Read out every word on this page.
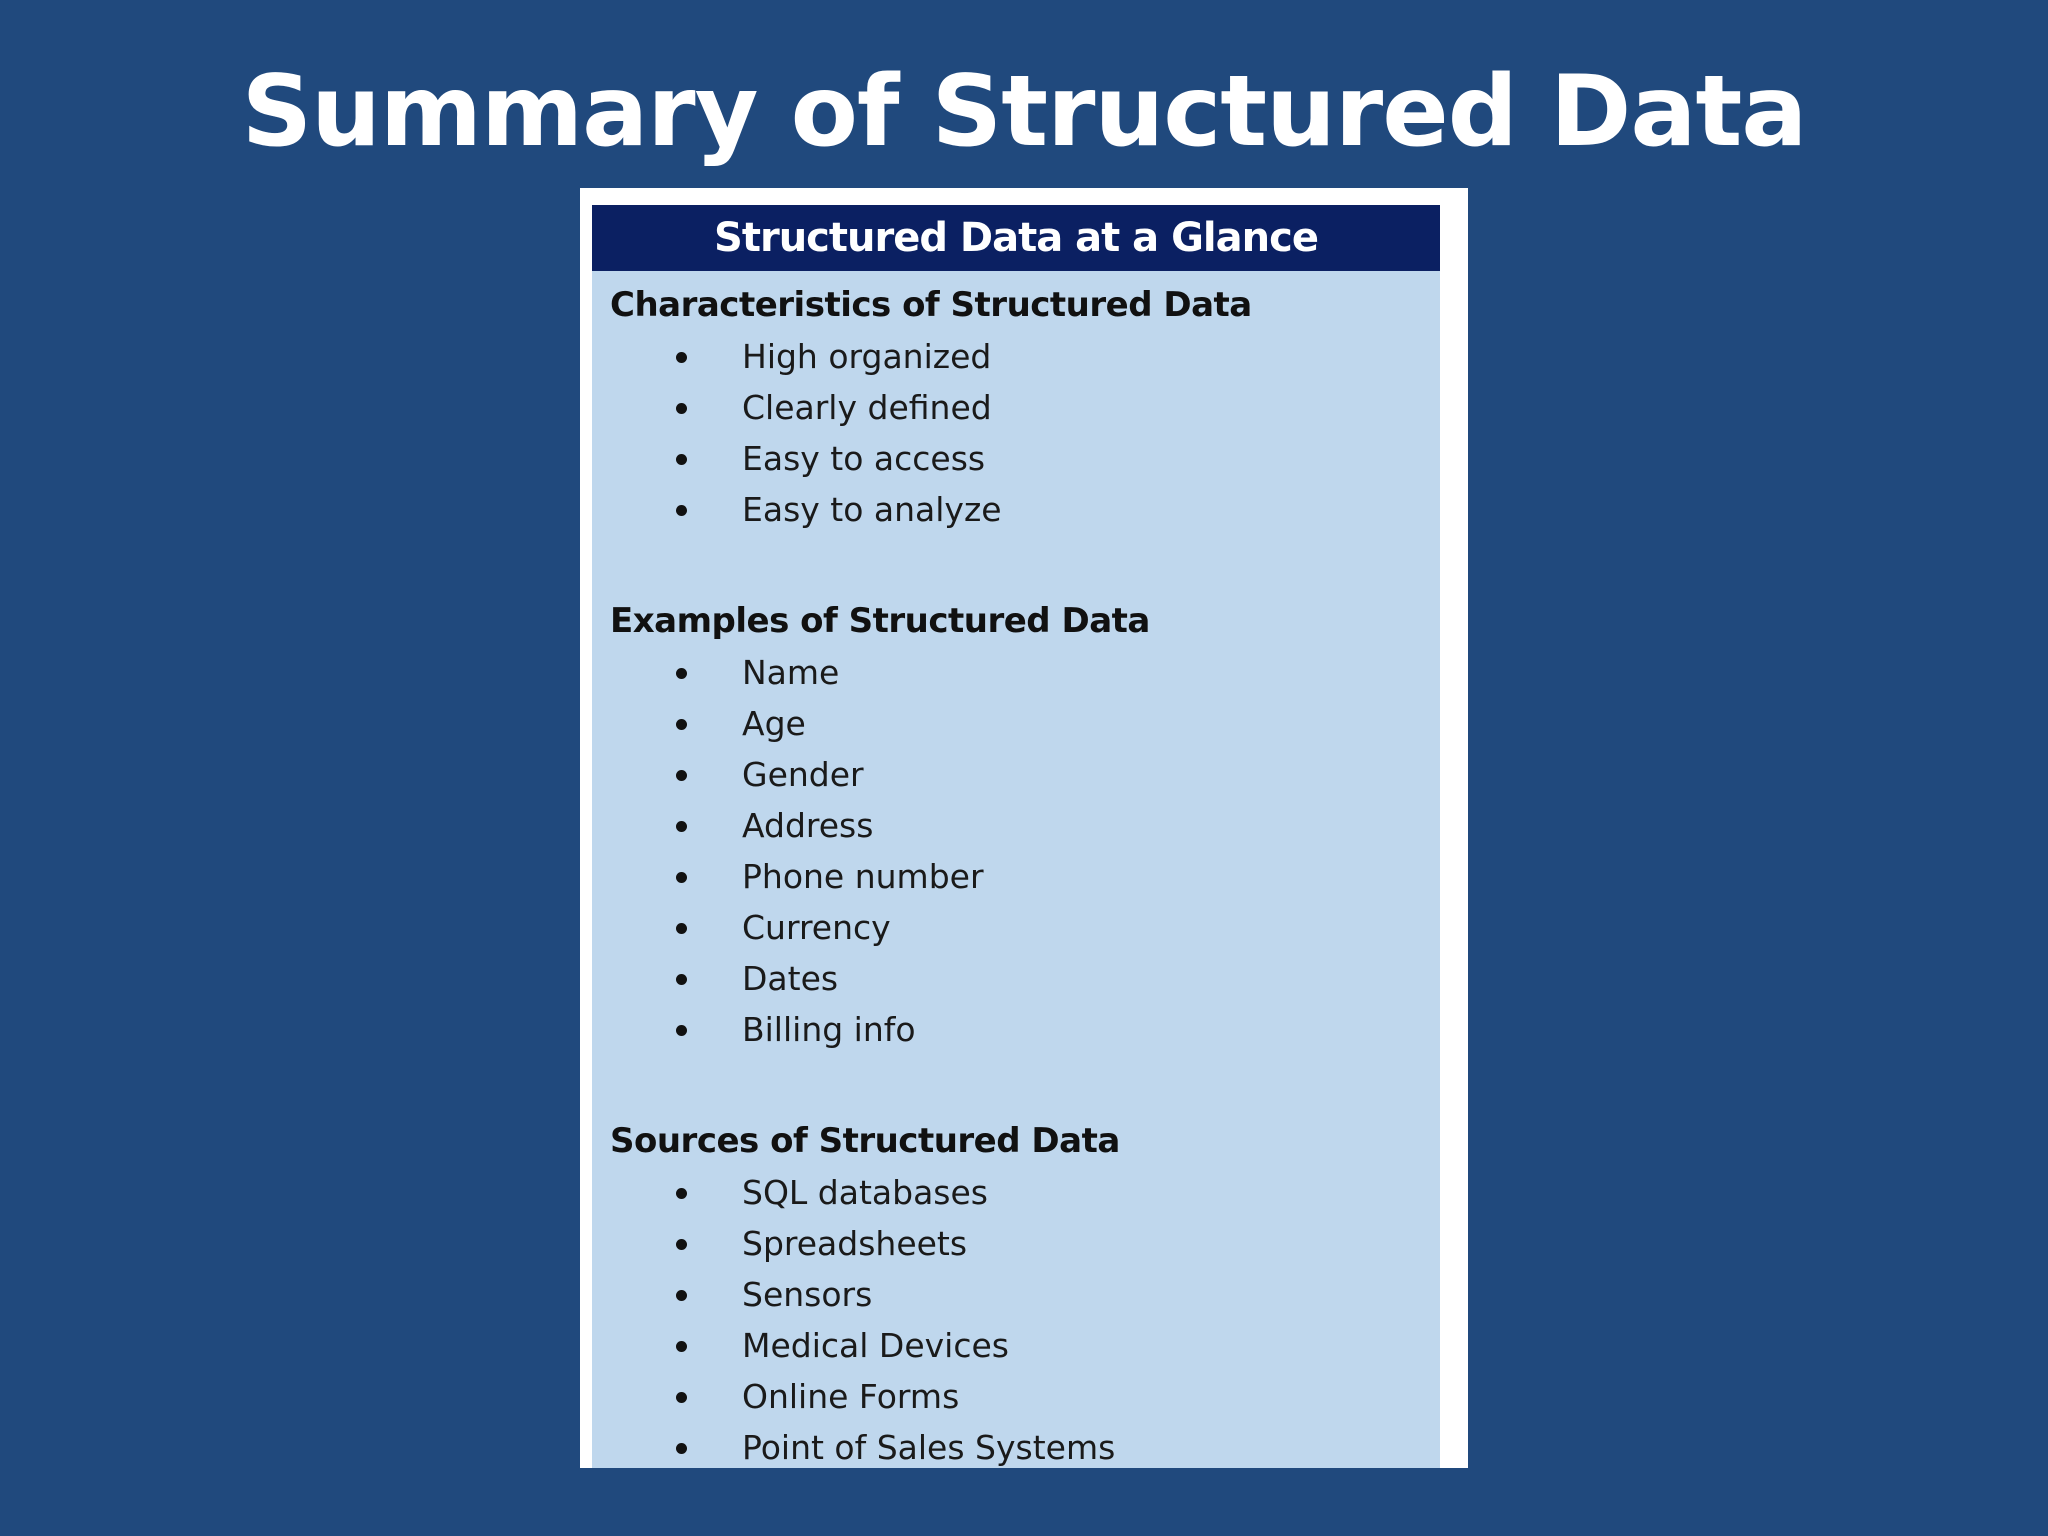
Summary of Structured Data
Structured Data at a Glance
Characteristics of Structured Data
High organized
Clearly defined
Easy to access
Easy to analyze
Examples of Structured Data
Name
Age
Gender
Address
Phone number
Currency
Dates
Billing info
Sources of Structured Data
SQL databases
Spreadsheets
Sensors
Medical Devices
Online Forms
Point of Sales Systems
